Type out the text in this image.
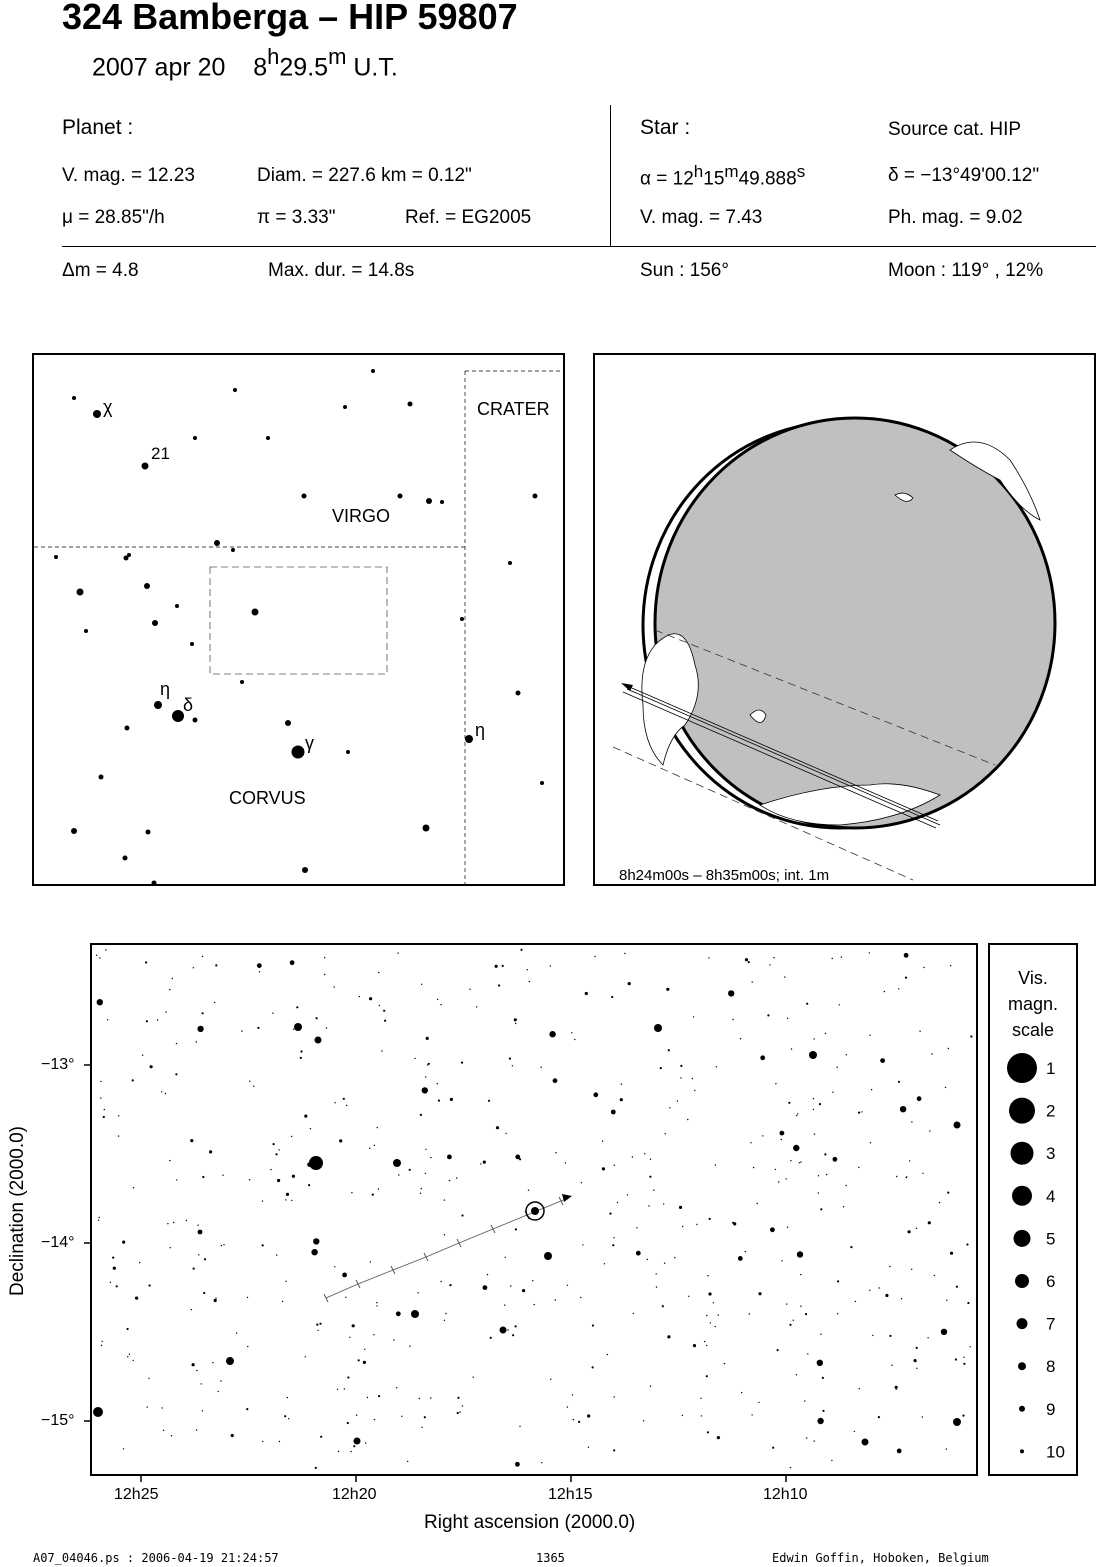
324 Bamberga – HIP 59807
2007 apr 20 8$^h$29.5$^m$ U.T.
Planet :
V. mag. = 12.23	Diam. = 227.6 km = 0.12"
μ = 28.85"/h	π = 3.33"	Ref. = EG2005
Star :	Source cat. HIP
$\alpha = 12^h15^m49.888^s$	δ = −13°49'00.12"
V. mag. = 7.43	Ph. mag. = 9.02
Δm = 4.8	Max. dur. = 14.8s	Sun : 156°	Moon : 119° , 12%
CRATER
VIRGO
CORVUS
χ
21
η
δ
γ
η
8h24m00s – 8h35m00s; int. 1m
12h25	12h20	12h15	12h10
−13°
−14°
−15°
Right ascension (2000.0)
Declination (2000.0)
Vis.
magn.
scale
1
2
3
4
5
6
7
8
9
10
A07_04046.ps : 2006-04-19 21:24:57	1365	Edwin Goffin, Hoboken, Belgium
